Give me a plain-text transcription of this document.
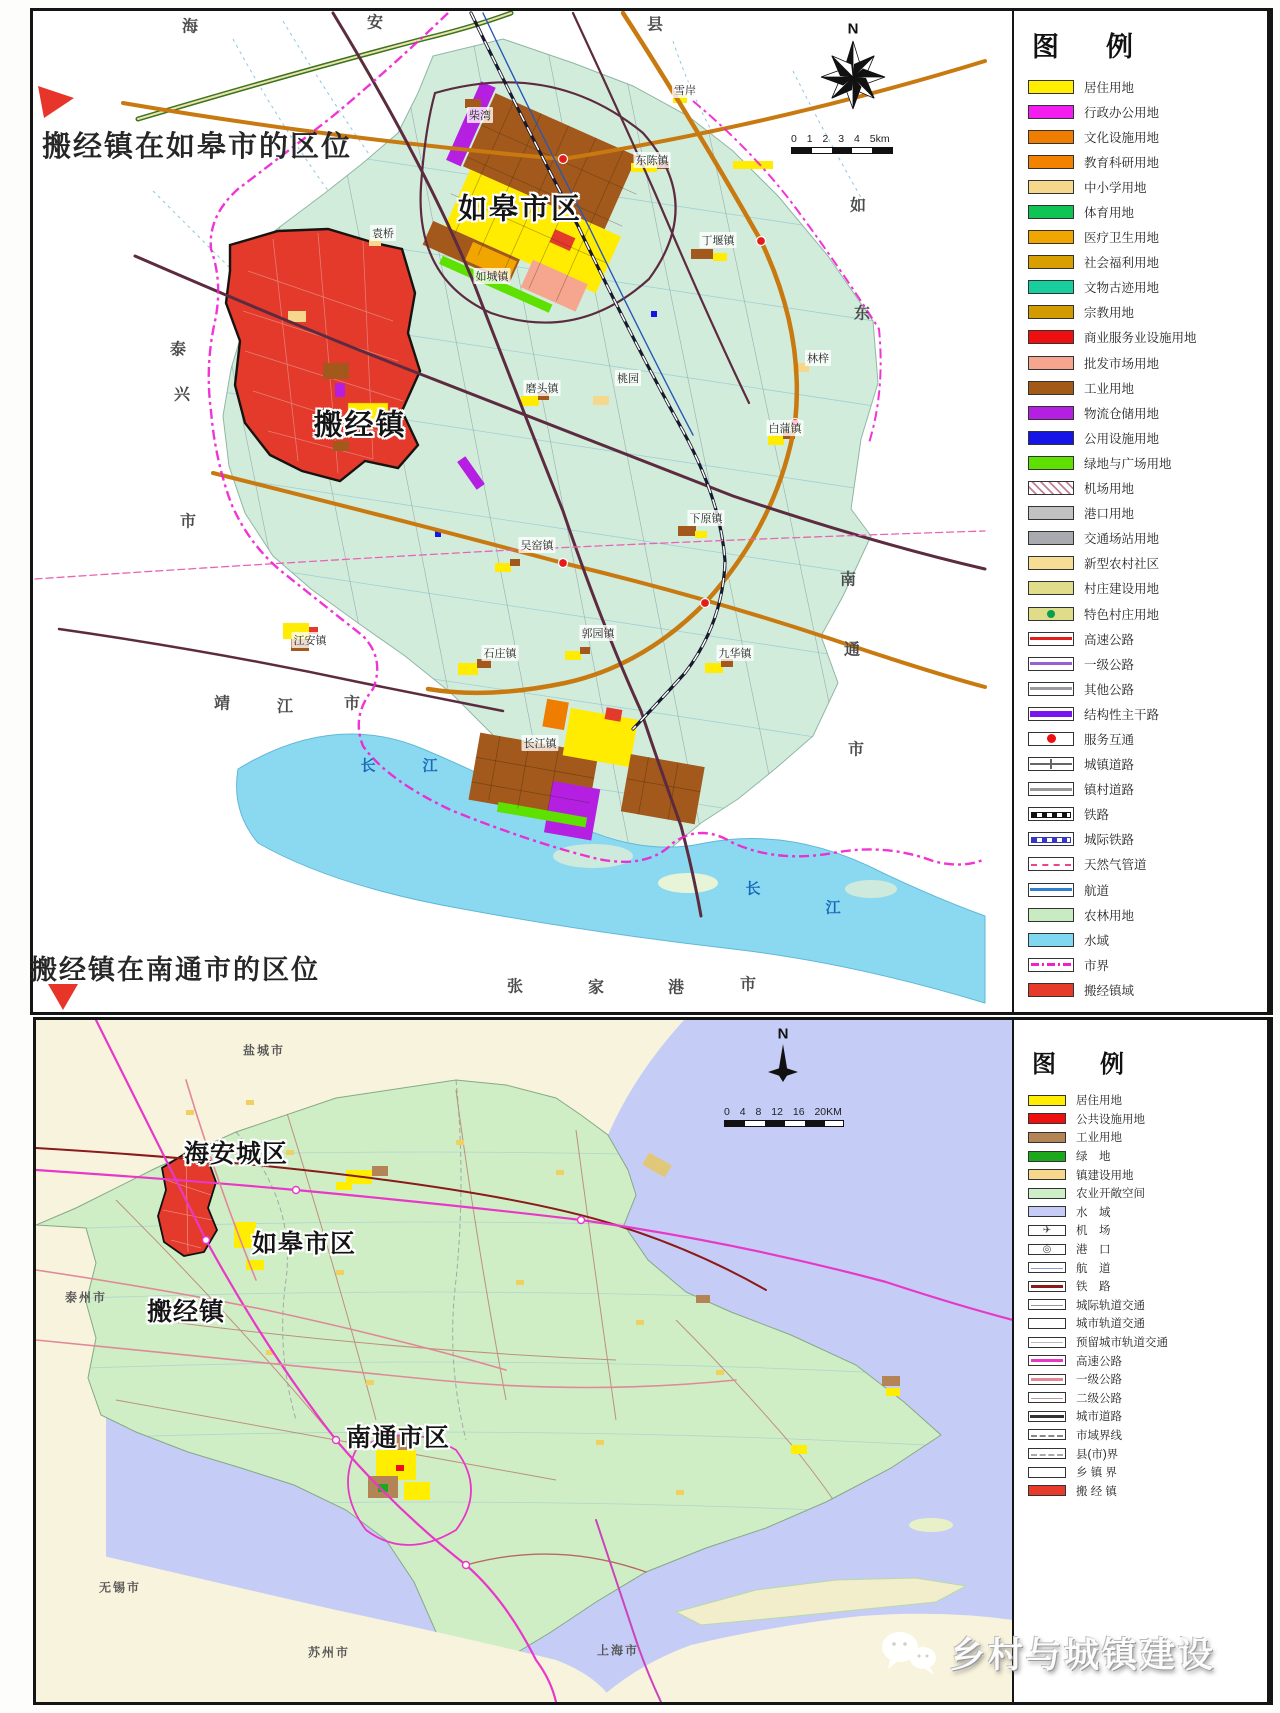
搬经镇在如皋市的区位
如皋市区
搬经镇
柴湾
雪岸
东陈镇
丁堰镇
袁桥
如城镇
林梓
磨头镇
桃园
白蒲镇
吴窑镇
下原镇
郭园镇
九华镇
石庄镇
江安镇
长江镇
海	安	县
如
东
泰
兴
市
南
通
市
靖	江	市
张	家	港	市
长	江
长
江
N
0 1 2 3 4 5km
图　例
居住用地
行政办公用地
文化设施用地
教育科研用地
中小学用地
体育用地
医疗卫生用地
社会福利用地
文物古迹用地
宗教用地
商业服务业设施用地
批发市场用地
工业用地
物流仓储用地
公用设施用地
绿地与广场用地
机场用地
港口用地
交通场站用地
新型农村社区
村庄建设用地
特色村庄用地
高速公路
一级公路
其他公路
结构性主干路
服务互通
城镇道路
镇村道路
铁路
城际铁路
天然气管道
航道
农林用地
水域
市界
搬经镇域
搬经镇在南通市的区位
盐城市
海安城区
如皋市区
搬经镇
南通市区
泰州市
无锡市
苏州市	上海市
N
0 4 8 12 16 20KM
图　例
居住用地
公共设施用地
工业用地
绿　地
镇建设用地
农业开敞空间
水　域
✈
机　场
◎
港　口
航　道
铁　路
城际轨道交通
城市轨道交通
预留城市轨道交通
高速公路
一级公路
二级公路
城市道路
市域界线
县(市)界
乡 镇 界
搬 经 镇
乡村与城镇建设
